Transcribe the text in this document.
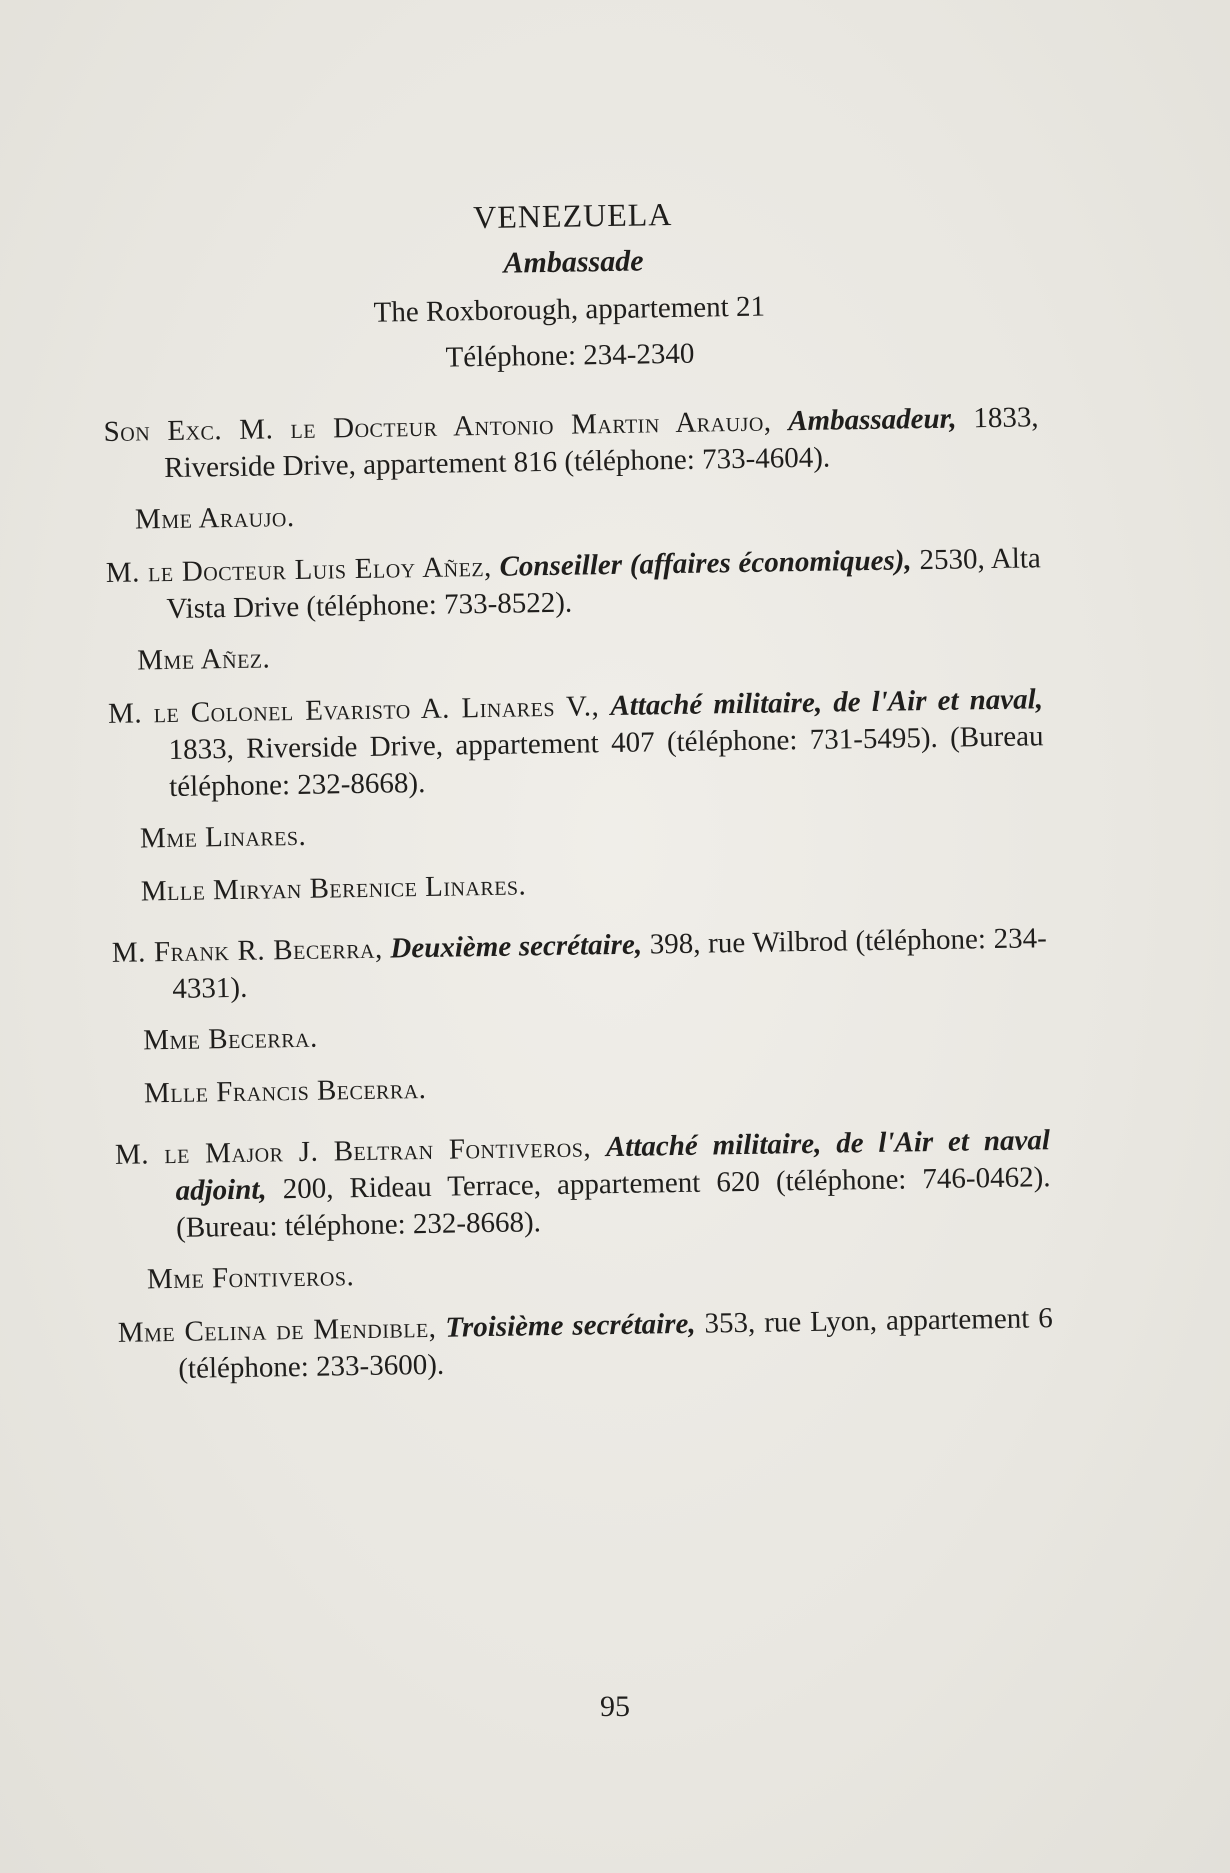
VENEZUELA

Ambassade

The Roxborough, appartement 21

Téléphone: 234-2340

Son Exc. M. le Docteur Antonio Martin Araujo, Ambassadeur, 1833, Riverside Drive, appartement 816 (téléphone: 733-4604).

Mme Araujo.

M. le Docteur Luis Eloy Añez, Conseiller (affaires économiques), 2530, Alta Vista Drive (téléphone: 733-8522).

Mme Añez.

M. le Colonel Evaristo A. Linares V., Attaché militaire, de l'Air et naval, 1833, Riverside Drive, appartement 407 (téléphone: 731-5495). (Bureau téléphone: 232-8668).

Mme Linares.

Mlle Miryan Berenice Linares.

M. Frank R. Becerra, Deuxième secrétaire, 398, rue Wilbrod (téléphone: 234-4331).

Mme Becerra.

Mlle Francis Becerra.

M. le Major J. Beltran Fontiveros, Attaché militaire, de l'Air et naval adjoint, 200, Rideau Terrace, appartement 620 (téléphone: 746-0462). (Bureau: téléphone: 232-8668).

Mme Fontiveros.

Mme Celina de Mendible, Troisième secrétaire, 353, rue Lyon, appartement 6 (téléphone: 233-3600).

95
